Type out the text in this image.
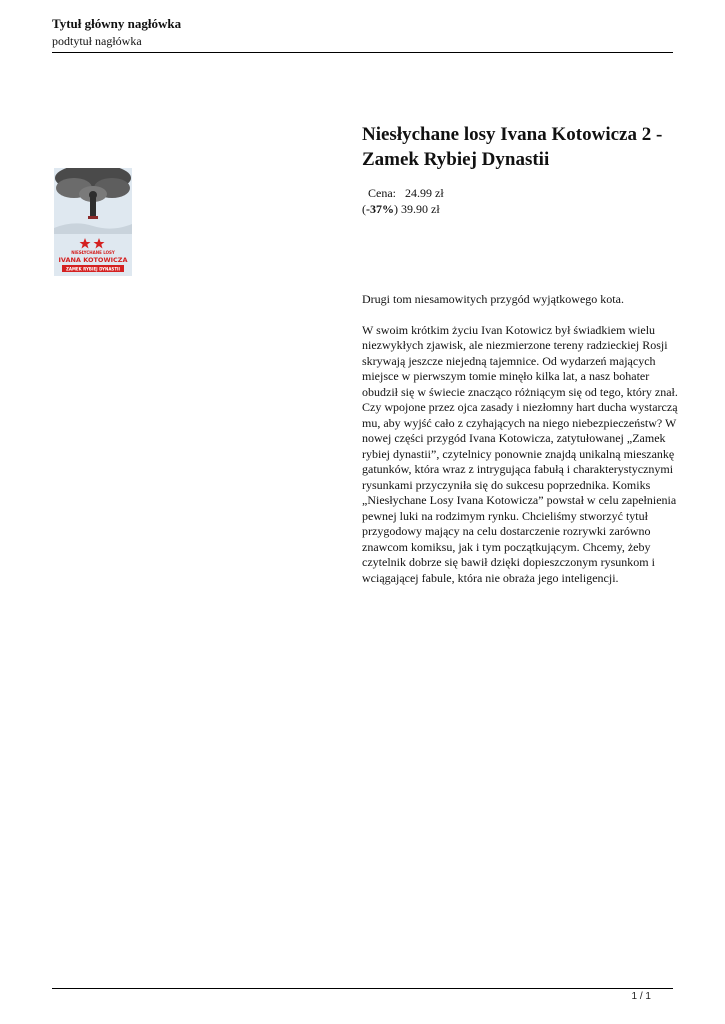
Tytuł główny nagłówka
podtytuł nagłówka
NIESŁYCHANE LOSY
IVANA KOTOWICZA
ZAMEK RYBIEJ DYNASTII
Niesłychane losy Ivana Kotowicza 2 - Zamek Rybiej Dynastii
Cena: 24.99 zł
(-37%) 39.90 zł

Drugi tom niesamowitych przygód wyjątkowego kota.

W swoim krótkim życiu Ivan Kotowicz był świadkiem wielu niezwykłych zjawisk, ale niezmierzone tereny radzieckiej Rosji skrywają jeszcze niejedną tajemnice. Od wydarzeń mających miejsce w pierwszym tomie minęło kilka lat, a nasz bohater obudził się w świecie znacząco różniącym się od tego, który znał. Czy wpojone przez ojca zasady i niezłomny hart ducha wystarczą mu, aby wyjść cało z czyhających na niego niebezpieczeństw? W nowej części przygód Ivana Kotowicza, zatytułowanej „Zamek rybiej dynastii”, czytelnicy ponownie znajdą unikalną mieszankę gatunków, która wraz z intrygująca fabułą i charakterystycznymi rysunkami przyczyniła się do sukcesu poprzednika. Komiks „Niesłychane Losy Ivana Kotowicza” powstał w celu zapełnienia pewnej luki na rodzimym rynku. Chcieliśmy stworzyć tytuł przygodowy mający na celu dostarczenie rozrywki zarówno znawcom komiksu, jak i tym początkującym. Chcemy, żeby czytelnik dobrze się bawił dzięki dopieszczonym rysunkom i wciągającej fabule, która nie obraża jego inteligencji.

1 / 1
